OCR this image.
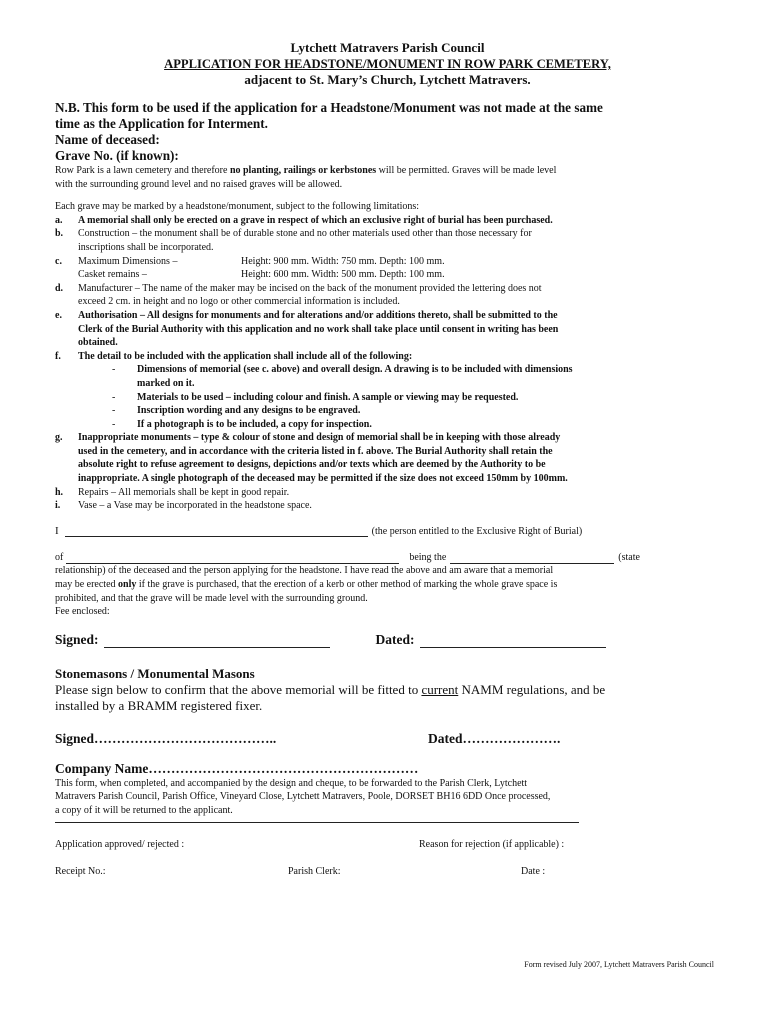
Lytchett Matravers Parish Council
APPLICATION FOR HEADSTONE/MONUMENT IN ROW PARK CEMETERY,
adjacent to St. Mary’s Church, Lytchett Matravers.
N.B. This form to be used if the application for a Headstone/Monument was not made at the same
time as the Application for Interment.
Name of deceased:
Grave No. (if known):
Row Park is a lawn cemetery and therefore no planting, railings or kerbstones will be permitted. Graves will be made level
with the surrounding ground level and no raised graves will be allowed.
Each grave may be marked by a headstone/monument, subject to the following limitations:
a.	A memorial shall only be erected on a grave in respect of which an exclusive right of burial has been purchased.
b.	Construction – the monument shall be of durable stone and no other materials used other than those necessary for
inscriptions shall be incorporated.
c.	Maximum Dimensions –	Height: 900 mm. Width: 750 mm. Depth: 100 mm.
Casket remains –	Height: 600 mm. Width: 500 mm. Depth: 100 mm.
d.	Manufacturer – The name of the maker may be incised on the back of the monument provided the lettering does not
exceed 2 cm. in height and no logo or other commercial information is included.
e.	Authorisation – All designs for monuments and for alterations and/or additions thereto, shall be submitted to the
Clerk of the Burial Authority with this application and no work shall take place until consent in writing has been
obtained.
f.	The detail to be included with the application shall include all of the following:
-	Dimensions of memorial (see c. above) and overall design. A drawing is to be included with dimensions
marked on it.
-	Materials to be used – including colour and finish. A sample or viewing may be requested.
-	Inscription wording and any designs to be engraved.
-	If a photograph is to be included, a copy for inspection.
g.	Inappropriate monuments – type & colour of stone and design of memorial shall be in keeping with those already
used in the cemetery, and in accordance with the criteria listed in f. above. The Burial Authority shall retain the
absolute right to refuse agreement to designs, depictions and/or texts which are deemed by the Authority to be
inappropriate. A single photograph of the deceased may be permitted if the size does not exceed 150mm by 100mm.
h.	Repairs – All memorials shall be kept in good repair.
i.	Vase – a Vase may be incorporated in the headstone space.
I	(the person entitled to the Exclusive Right of Burial)
of	being the	(state
relationship) of the deceased and the person applying for the headstone. I have read the above and am aware that a memorial
may be erected only if the grave is purchased, that the erection of a kerb or other method of marking the whole grave space is
prohibited, and that the grave will be made level with the surrounding ground.
Fee enclosed:
Signed:	Dated:
Stonemasons / Monumental Masons
Please sign below to confirm that the above memorial will be fitted to current NAMM regulations, and be
installed by a BRAMM registered fixer.
Signed…………………………………..	Dated………………….
Company Name……………………………………………………
This form, when completed, and accompanied by the design and cheque, to be forwarded to the Parish Clerk, Lytchett
Matravers Parish Council, Parish Office, Vineyard Close, Lytchett Matravers, Poole, DORSET BH16 6DD Once processed,
a copy of it will be returned to the applicant.
Application approved/ rejected :	Reason for rejection (if applicable) :
Receipt No.:	Parish Clerk:	Date :
Form revised July 2007, Lytchett Matravers Parish Council
